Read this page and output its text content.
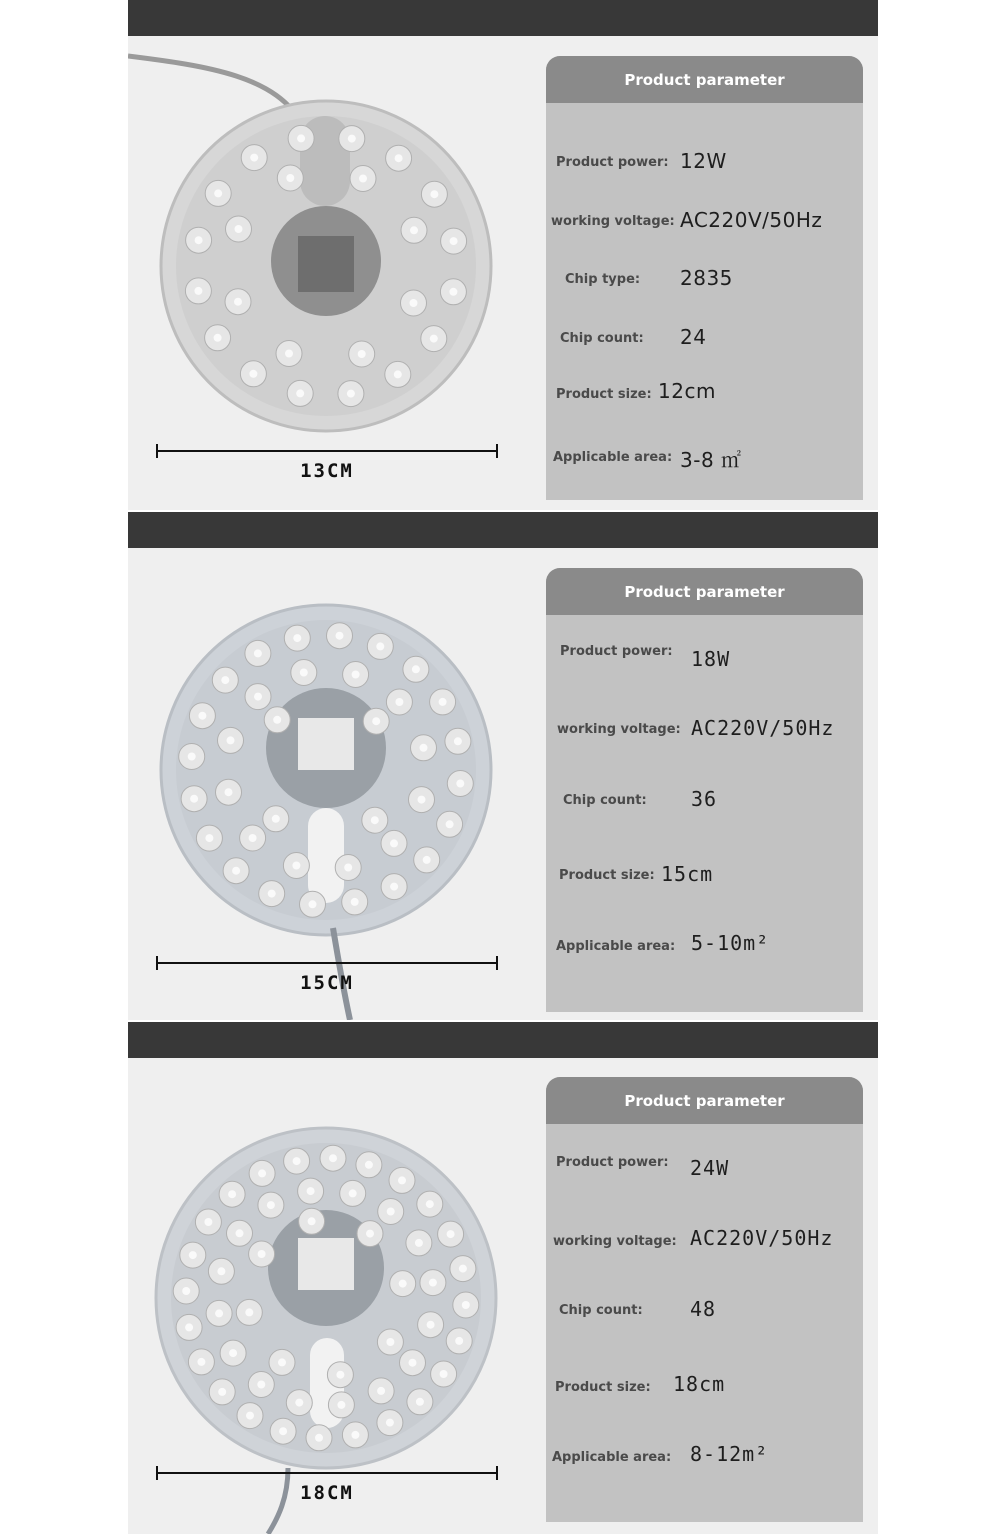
13CM
Product parameter
Product power: 12W
working voltage: AC220V/50Hz
Chip type: 2835
Chip count: 24
Product size: 12cm
Applicable area: 3-8 ㎡
15CM
Product parameter
Product power: 18W
working voltage: AC220V/50Hz
Chip count: 36
Product size: 15cm
Applicable area: 5-10m²
18CM
Product parameter
Product power: 24W
working voltage: AC220V/50Hz
Chip count: 48
Product size: 18cm
Applicable area: 8-12m²
